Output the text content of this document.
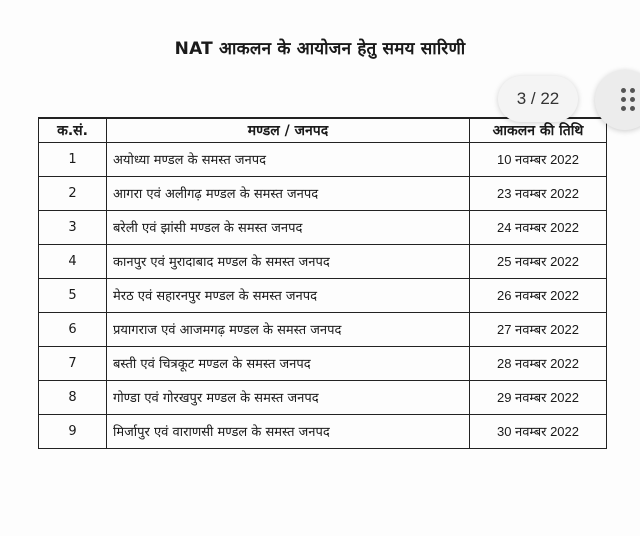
NAT आकलन के आयोजन हेतु समय सारिणी
क.सं.	मण्डल / जनपद	आकलन की तिथि
1	अयोध्या मण्डल के समस्त जनपद	10 नवम्बर 2022
2	आगरा एवं अलीगढ़ मण्डल के समस्त जनपद	23 नवम्बर 2022
3	बरेली एवं झांसी मण्डल के समस्त जनपद	24 नवम्बर 2022
4	कानपुर एवं मुरादाबाद मण्डल के समस्त जनपद	25 नवम्बर 2022
5	मेरठ एवं सहारनपुर मण्डल के समस्त जनपद	26 नवम्बर 2022
6	प्रयागराज एवं आजमगढ़ मण्डल के समस्त जनपद	27 नवम्बर 2022
7	बस्ती एवं चित्रकूट मण्डल के समस्त जनपद	28 नवम्बर 2022
8	गोण्डा एवं गोरखपुर मण्डल के समस्त जनपद	29 नवम्बर 2022
9	मिर्जापुर एवं वाराणसी मण्डल के समस्त जनपद	30 नवम्बर 2022
3 / 22
